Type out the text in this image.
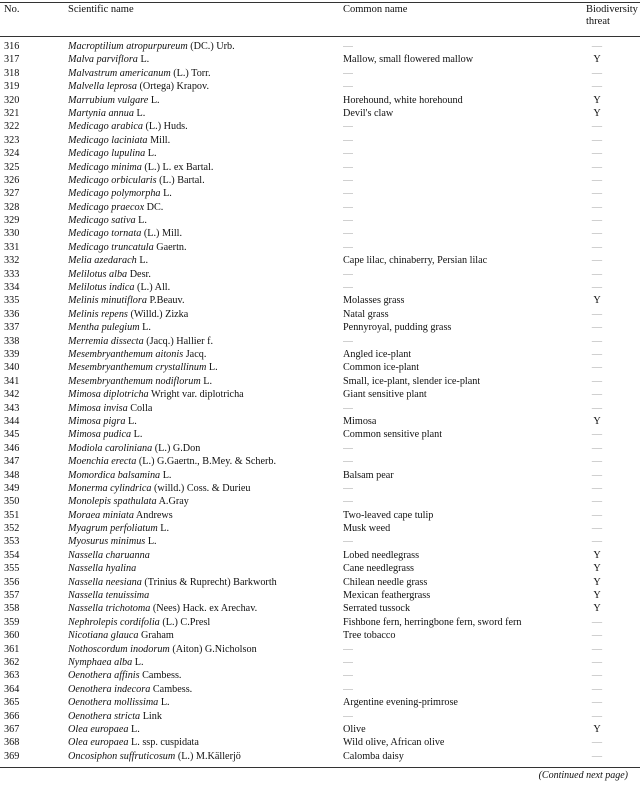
No.	Scientific name	Common name	Biodiversity threat
316	Macroptilium atropurpureum (DC.) Urb.	—	—
317	Malva parviflora L.	Mallow, small flowered mallow	Y
318	Malvastrum americanum (L.) Torr.	—	—
319	Malvella leprosa (Ortega) Krapov.	—	—
320	Marrubium vulgare L.	Horehound, white horehound	Y
321	Martynia annua L.	Devil's claw	Y
322	Medicago arabica (L.) Huds.	—	—
323	Medicago laciniata Mill.	—	—
324	Medicago lupulina L.	—	—
325	Medicago minima (L.) L. ex Bartal.	—	—
326	Medicago orbicularis (L.) Bartal.	—	—
327	Medicago polymorpha L.	—	—
328	Medicago praecox DC.	—	—
329	Medicago sativa L.	—	—
330	Medicago tornata (L.) Mill.	—	—
331	Medicago truncatula Gaertn.	—	—
332	Melia azedarach L.	Cape lilac, chinaberry, Persian lilac	—
333	Melilotus alba Desr.	—	—
334	Melilotus indica (L.) All.	—	—
335	Melinis minutiflora P.Beauv.	Molasses grass	Y
336	Melinis repens (Willd.) Zizka	Natal grass	—
337	Mentha pulegium L.	Pennyroyal, pudding grass	—
338	Merremia dissecta (Jacq.) Hallier f.	—	—
339	Mesembryanthemum aitonis Jacq.	Angled ice-plant	—
340	Mesembryanthemum crystallinum L.	Common ice-plant	—
341	Mesembryanthemum nodiflorum L.	Small, ice-plant, slender ice-plant	—
342	Mimosa diplotricha Wright var. diplotricha	Giant sensitive plant	—
343	Mimosa invisa Colla	—	—
344	Mimosa pigra L.	Mimosa	Y
345	Mimosa pudica L.	Common sensitive plant	—
346	Modiola caroliniana (L.) G.Don	—	—
347	Moenchia erecta (L.) G.Gaertn., B.Mey. & Scherb.	—	—
348	Momordica balsamina L.	Balsam pear	—
349	Monerma cylindrica (willd.) Coss. & Durieu	—	—
350	Monolepis spathulata A.Gray	—	—
351	Moraea miniata Andrews	Two-leaved cape tulip	—
352	Myagrum perfoliatum L.	Musk weed	—
353	Myosurus minimus L.	—	—
354	Nassella charuanna	Lobed needlegrass	Y
355	Nassella hyalina	Cane needlegrass	Y
356	Nassella neesiana (Trinius & Ruprecht) Barkworth	Chilean needle grass	Y
357	Nassella tenuissima	Mexican feathergrass	Y
358	Nassella trichotoma (Nees) Hack. ex Arechav.	Serrated tussock	Y
359	Nephrolepis cordifolia (L.) C.Presl	Fishbone fern, herringbone fern, sword fern	—
360	Nicotiana glauca Graham	Tree tobacco	—
361	Nothoscordum inodorum (Aiton) G.Nicholson	—	—
362	Nymphaea alba L.	—	—
363	Oenothera affinis Cambess.	—	—
364	Oenothera indecora Cambess.	—	—
365	Oenothera mollissima L.	Argentine evening-primrose	—
366	Oenothera stricta Link	—	—
367	Olea europaea L.	Olive	Y
368	Olea europaea L. ssp. cuspidata	Wild olive, African olive	—
369	Oncosiphon suffruticosum (L.) M.Källerjö	Calomba daisy	—
(Continued next page)
